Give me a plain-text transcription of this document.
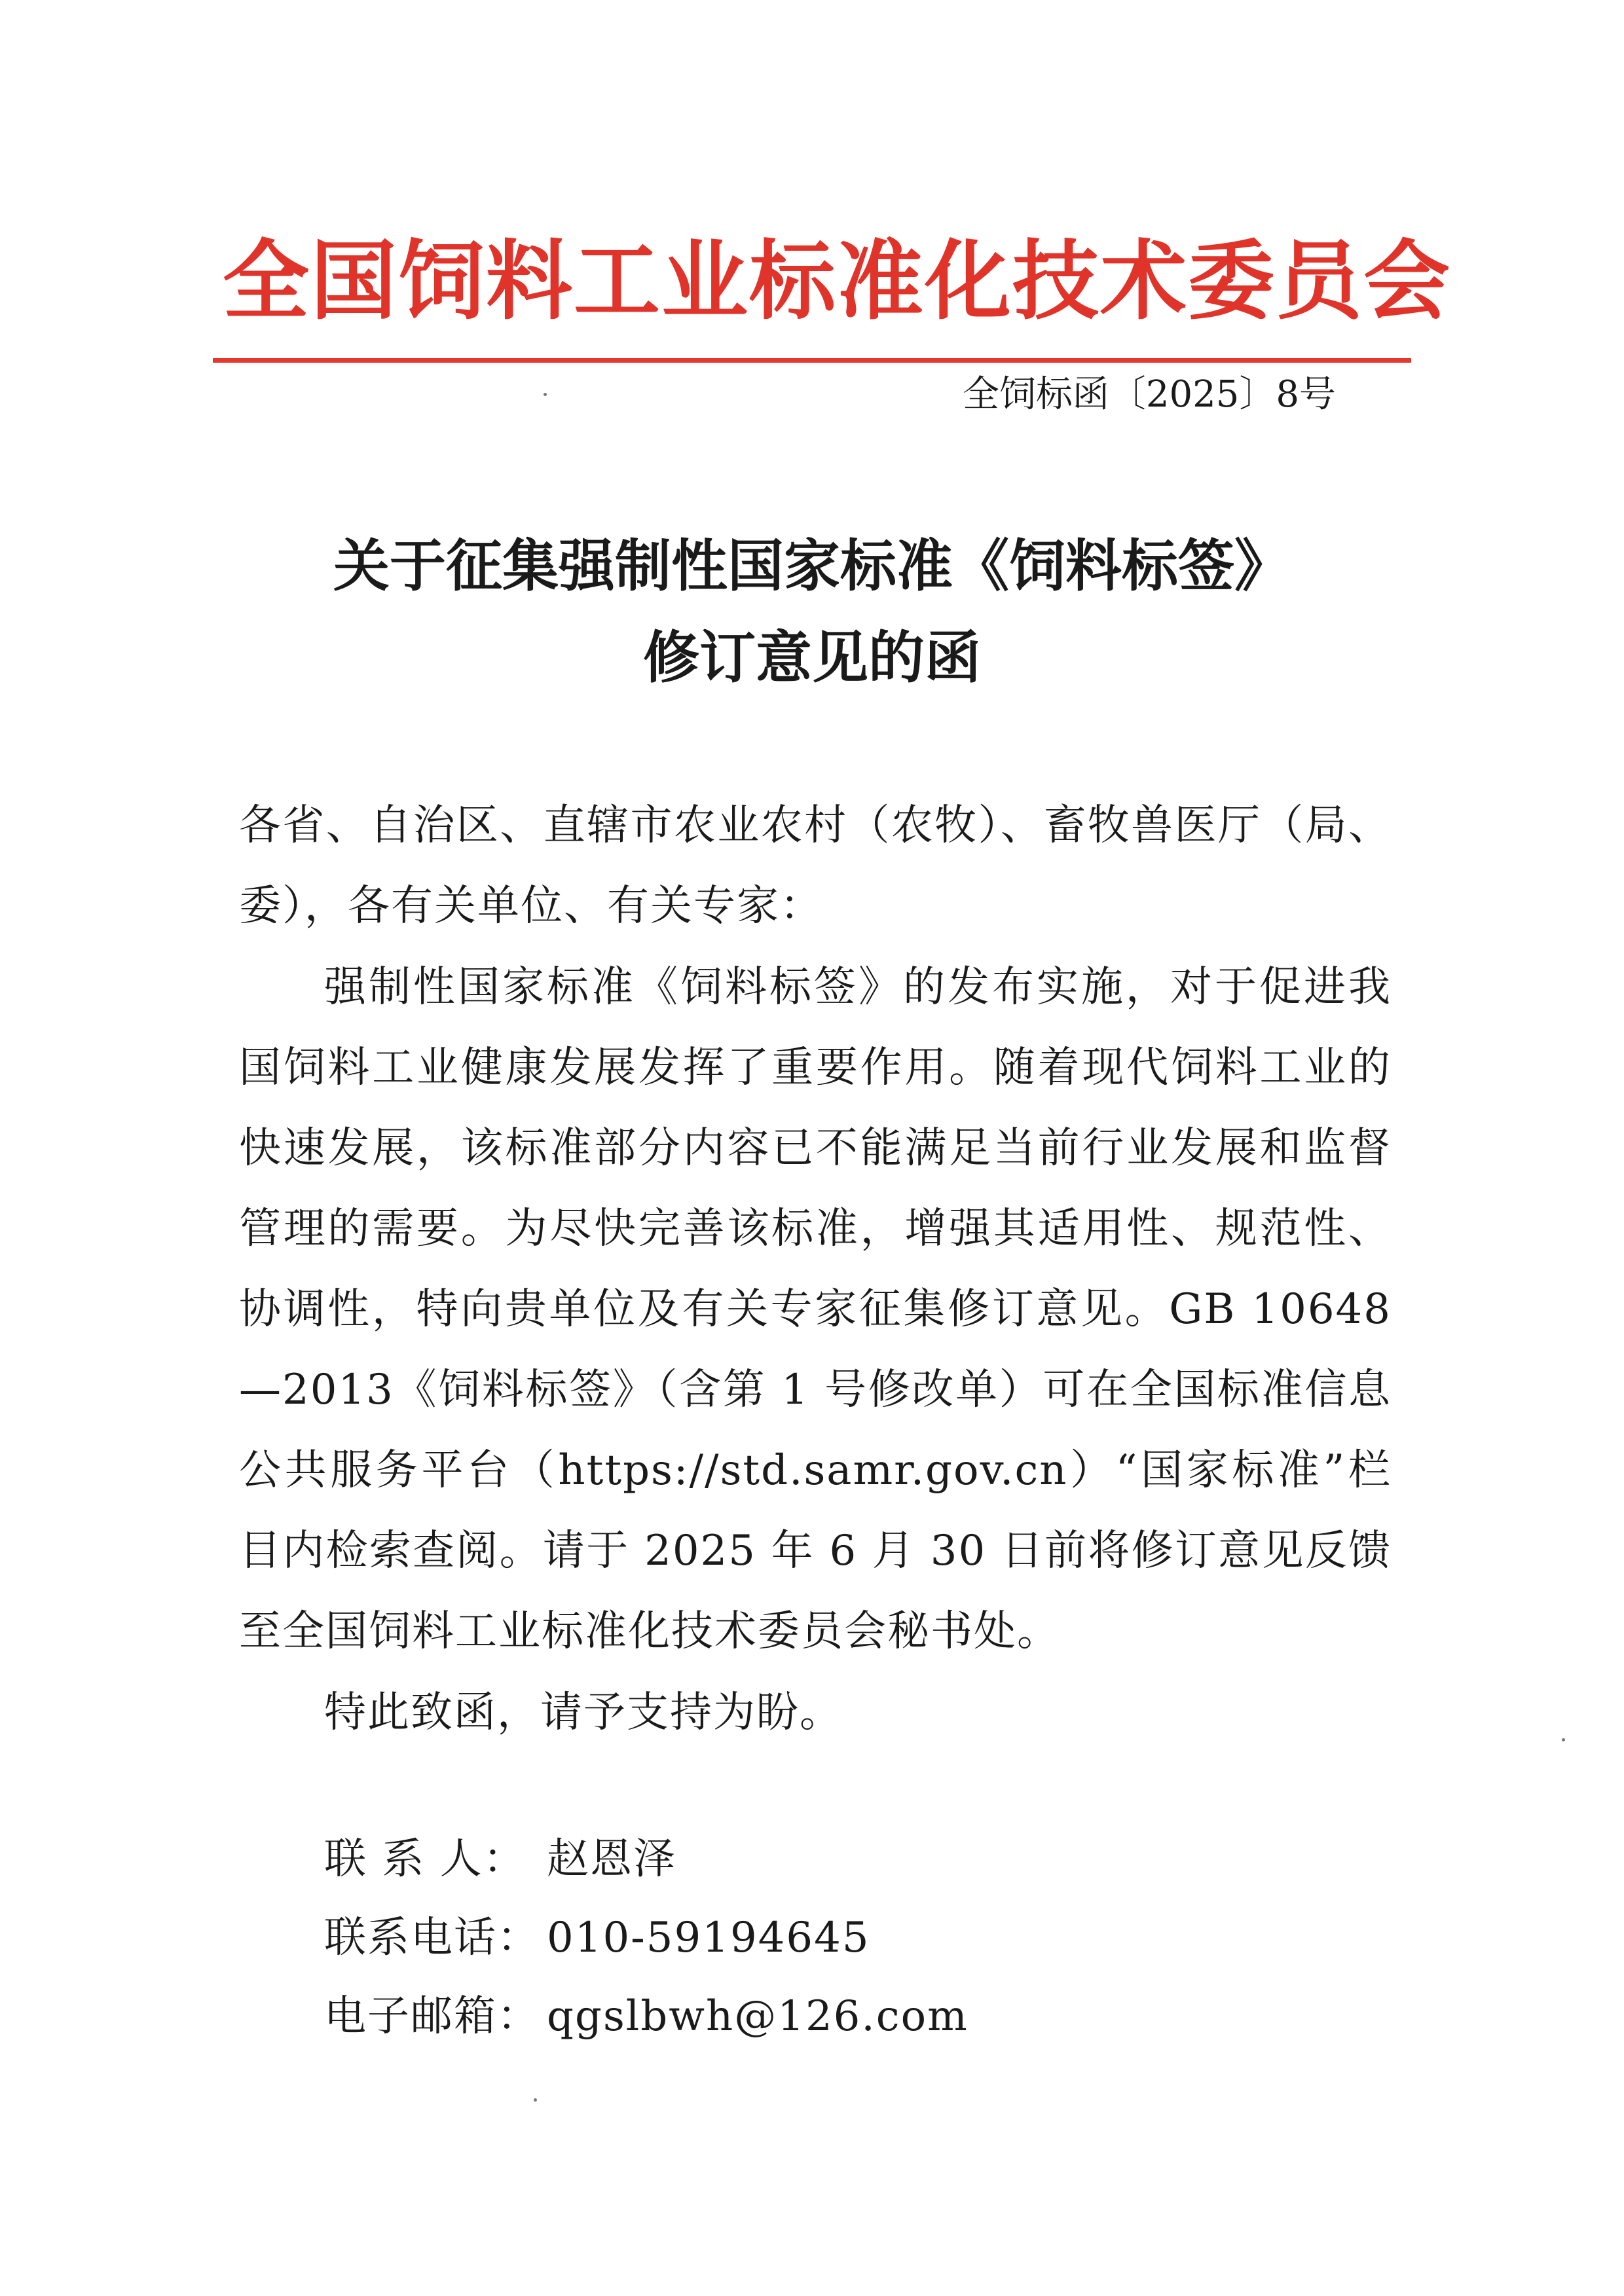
全国饲料工业标准化技术委员会
全饲标函〔2025〕8号
关于征集强制性国家标准《饲料标签》
修订意见的函

各省、自治区、直辖市农业农村（农牧）、畜牧兽医厅（局、委），各有关单位、有关专家：

强制性国家标准《饲料标签》的发布实施，对于促进我国饲料工业健康发展发挥了重要作用。随着现代饲料工业的快速发展，该标准部分内容已不能满足当前行业发展和监督管理的需要。为尽快完善该标准，增强其适用性、规范性、协调性，特向贵单位及有关专家征集修订意见。GB 10648—2013《饲料标签》（含第 1 号修改单）可在全国标准信息公共服务平台（https://std.samr.gov.cn）“国家标准”栏目内检索查阅。请于 2025 年 6 月 30 日前将修订意见反馈至全国饲料工业标准化技术委员会秘书处。

特此致函，请予支持为盼。

联 系 人： 赵恩泽
联系电话： 010-59194645
电子邮箱： qgslbwh@126.com
